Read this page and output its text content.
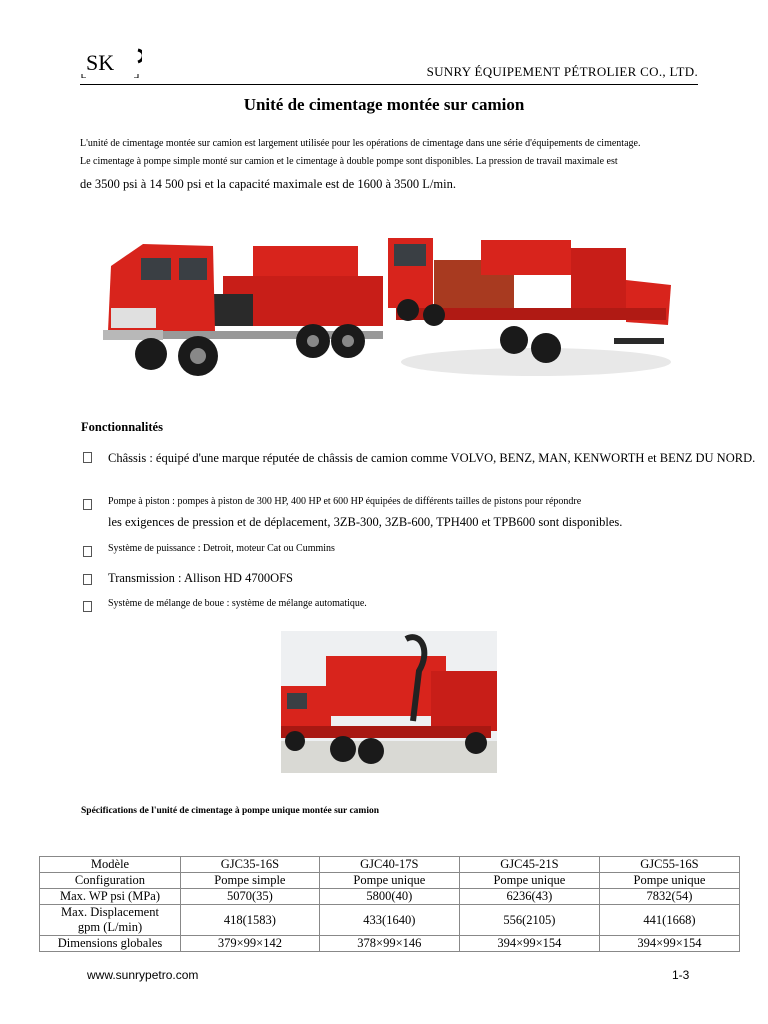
SK	SUNRY ÉQUIPEMENT PÉTROLIER CO., LTD.
Unité de cimentage montée sur camion
L'unité de cimentage montée sur camion est largement utilisée pour les opérations de cimentage dans une série d'équipements de cimentage.
Le cimentage à pompe simple monté sur camion et le cimentage à double pompe sont disponibles. La pression de travail maximale est
de 3500 psi à 14 500 psi et la capacité maximale est de 1600 à 3500 L/min.
Fonctionnalités
Châssis : équipé d'une marque réputée de châssis de camion comme VOLVO, BENZ, MAN, KENWORTH et BENZ DU NORD.
Pompe à piston : pompes à piston de 300 HP, 400 HP et 600 HP équipées de différents tailles de pistons pour répondre
les exigences de pression et de déplacement, 3ZB-300, 3ZB-600, TPH400 et TPB600 sont disponibles.
Système de puissance : Detroit, moteur Cat ou Cummins
Transmission : Allison HD 4700OFS
Système de mélange de boue : système de mélange automatique.
Spécifications de l'unité de cimentage à pompe unique montée sur camion
Modèle	GJC35-16S	GJC40-17S	GJC45-21S	GJC55-16S
Configuration	Pompe simple	Pompe unique	Pompe unique	Pompe unique
Max. WP psi (MPa)	5070(35)	5800(40)	6236(43)	7832(54)
Max. Displacement gpm (L/min)	418(1583)	433(1640)	556(2105)	441(1668)
Dimensions globales	379×99×142	378×99×146	394×99×154	394×99×154
www.sunrypetro.com	1-3
